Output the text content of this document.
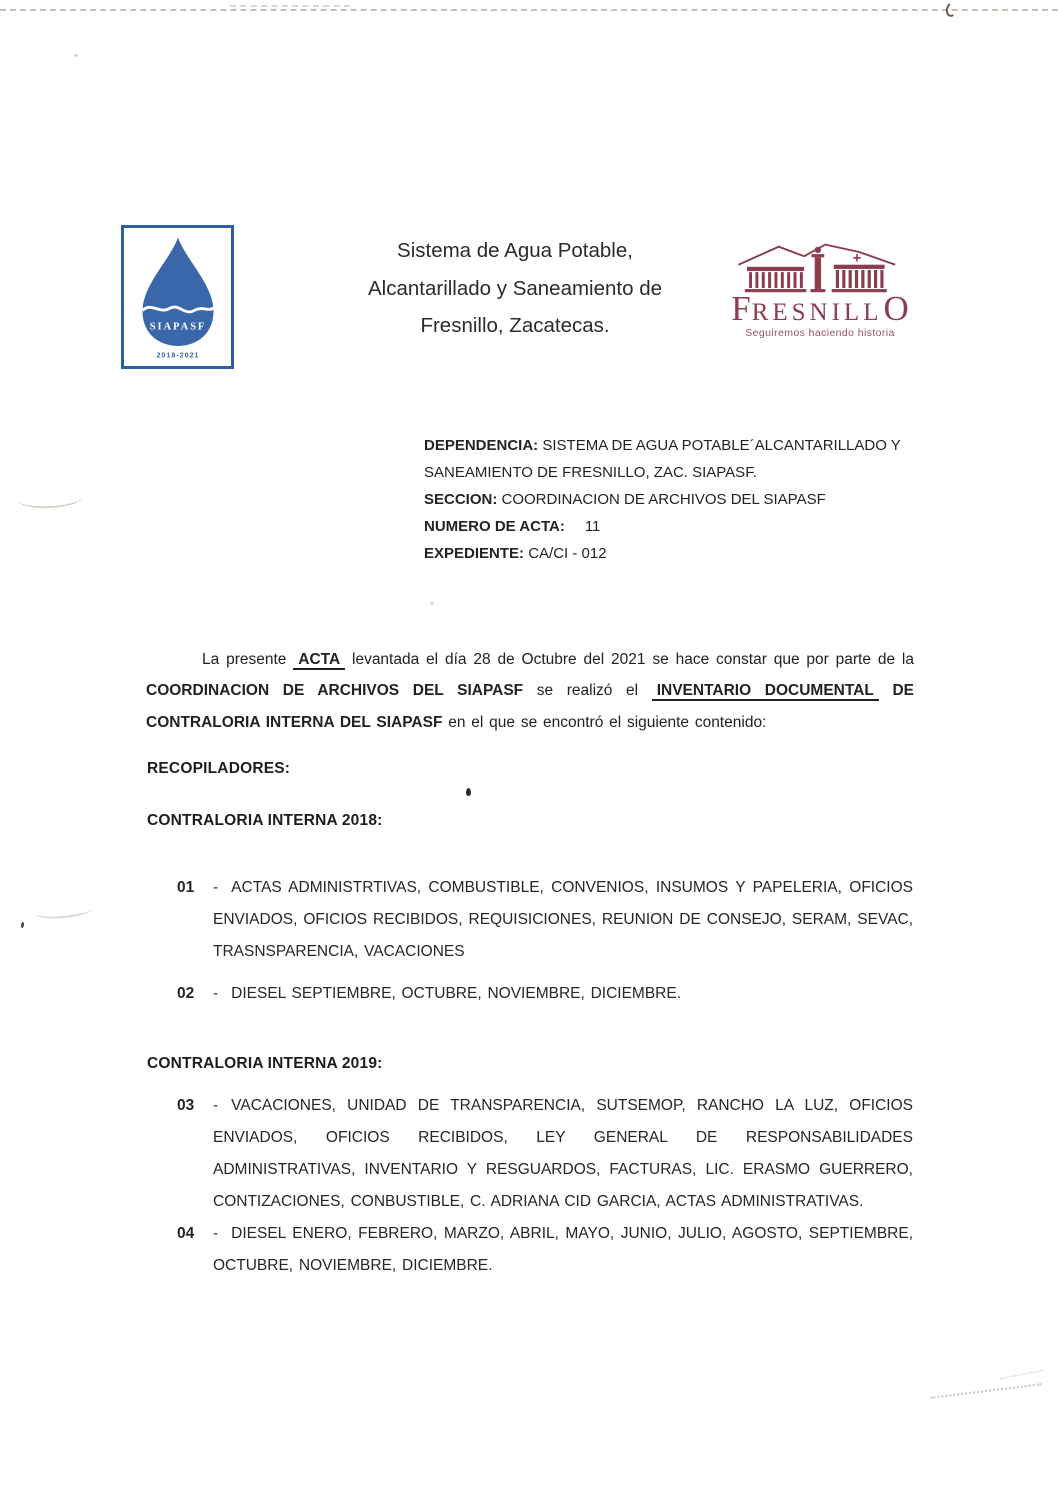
SIAPASF
2018-2021
Sistema de Agua Potable,
Alcantarillado y Saneamiento de
Fresnillo, Zacatecas.	F RESNILL O
Seguiremos haciendo historia

DEPENDENCIA: SISTEMA DE AGUA POTABLE´ALCANTARILLADO Y SANEAMIENTO DE FRESNILLO, ZAC. SIAPASF.

SECCION: COORDINACION DE ARCHIVOS DEL SIAPASF

NUMERO DE ACTA: 11

EXPEDIENTE: CA/CI - 012

La presente ACTA levantada el día 28 de Octubre del 2021 se hace constar que por parte de la COORDINACION DE ARCHIVOS DEL SIAPASF se realizó el INVENTARIO DOCUMENTAL DE CONTRALORIA INTERNA DEL SIAPASF en el que se encontró el siguiente contenido:

RECOPILADORES:

CONTRALORIA INTERNA 2018:

CONTRALORIA INTERNA 2019:

01	- ACTAS ADMINISTRTIVAS, COMBUSTIBLE, CONVENIOS, INSUMOS Y PAPELERIA, OFICIOS ENVIADOS, OFICIOS RECIBIDOS, REQUISICIONES, REUNION DE CONSEJO, SERAM, SEVAC, TRASNSPARENCIA, VACACIONES

02	- DIESEL SEPTIEMBRE, OCTUBRE, NOVIEMBRE, DICIEMBRE.

03	- VACACIONES, UNIDAD DE TRANSPARENCIA, SUTSEMOP, RANCHO LA LUZ, OFICIOS ENVIADOS, OFICIOS RECIBIDOS, LEY GENERAL DE RESPONSABILIDADES ADMINISTRATIVAS, INVENTARIO Y RESGUARDOS, FACTURAS, LIC. ERASMO GUERRERO, CONTIZACIONES, CONBUSTIBLE, C. ADRIANA CID GARCIA, ACTAS ADMINISTRATIVAS.

04	- DIESEL ENERO, FEBRERO, MARZO, ABRIL, MAYO, JUNIO, JULIO, AGOSTO, SEPTIEMBRE, OCTUBRE, NOVIEMBRE, DICIEMBRE.
